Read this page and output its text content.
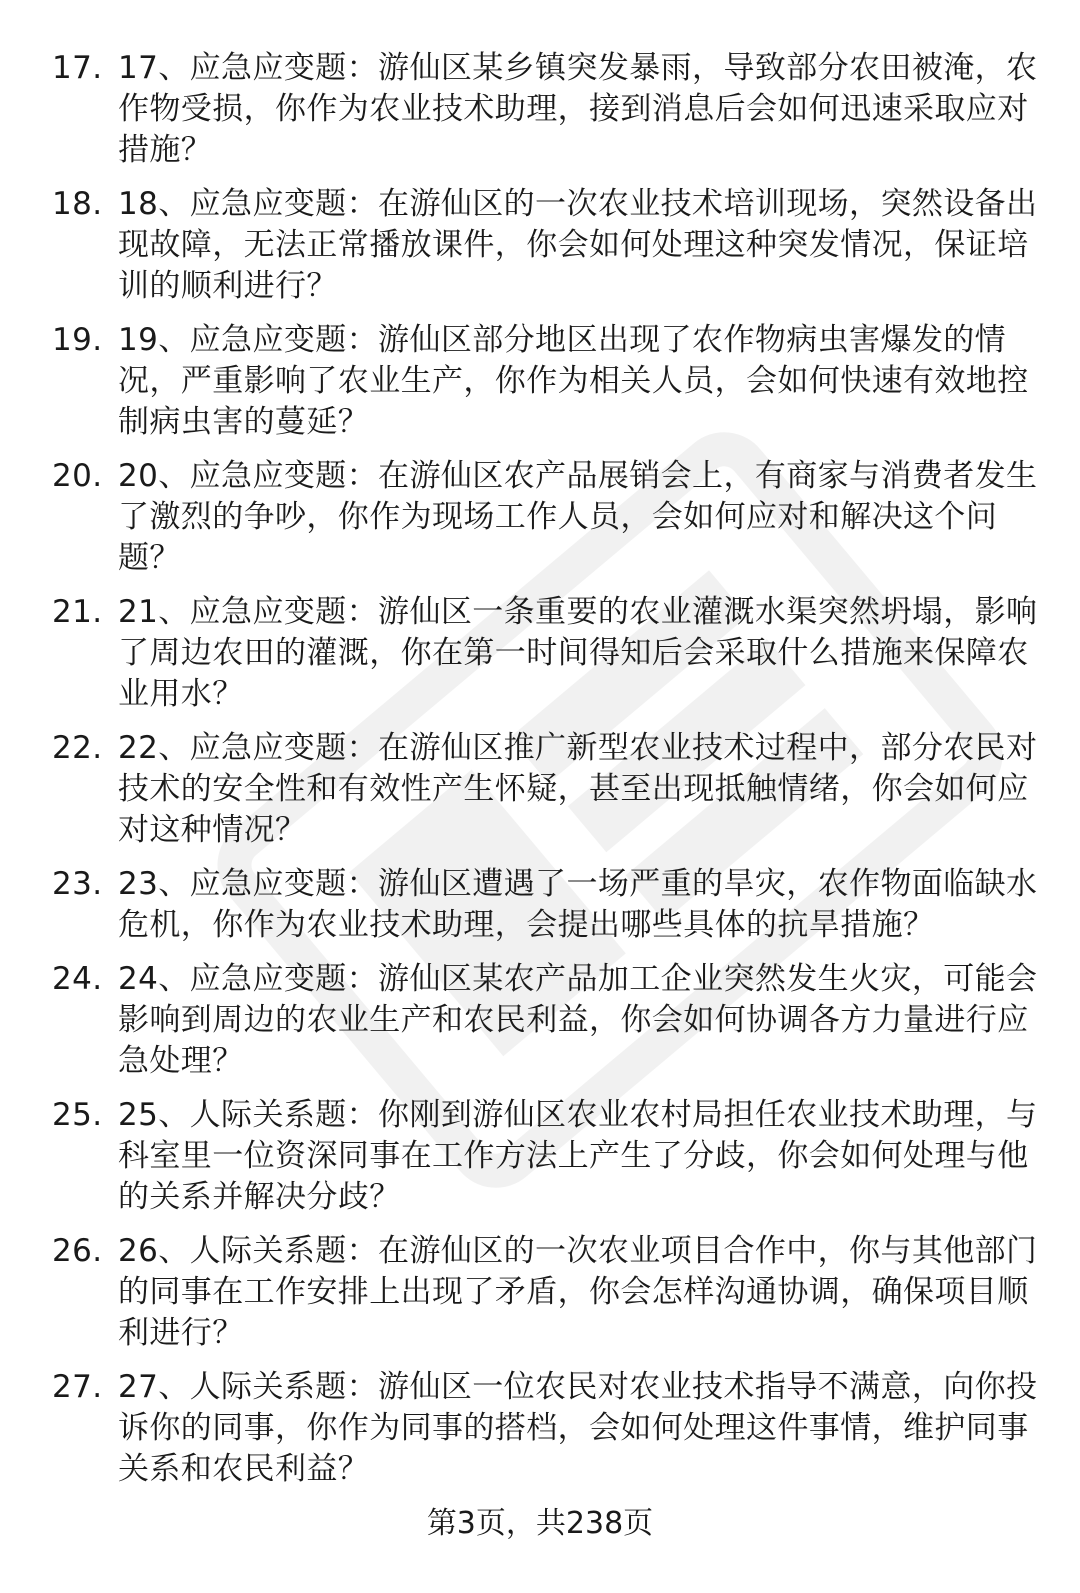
17. 17、应急应变题：游仙区某乡镇突发暴雨，导致部分农田被淹，农作物受损，你作为农业技术助理，接到消息后会如何迅速采取应对措施？
18. 18、应急应变题：在游仙区的一次农业技术培训现场，突然设备出现故障，无法正常播放课件，你会如何处理这种突发情况，保证培训的顺利进行？
19. 19、应急应变题：游仙区部分地区出现了农作物病虫害爆发的情况，严重影响了农业生产，你作为相关人员，会如何快速有效地控制病虫害的蔓延？
20. 20、应急应变题：在游仙区农产品展销会上，有商家与消费者发生了激烈的争吵，你作为现场工作人员，会如何应对和解决这个问题？
21. 21、应急应变题：游仙区一条重要的农业灌溉水渠突然坍塌，影响了周边农田的灌溉，你在第一时间得知后会采取什么措施来保障农业用水？
22. 22、应急应变题：在游仙区推广新型农业技术过程中，部分农民对技术的安全性和有效性产生怀疑，甚至出现抵触情绪，你会如何应对这种情况？
23. 23、应急应变题：游仙区遭遇了一场严重的旱灾，农作物面临缺水危机，你作为农业技术助理，会提出哪些具体的抗旱措施？
24. 24、应急应变题：游仙区某农产品加工企业突然发生火灾，可能会影响到周边的农业生产和农民利益，你会如何协调各方力量进行应急处理？
25. 25、人际关系题：你刚到游仙区农业农村局担任农业技术助理，与科室里一位资深同事在工作方法上产生了分歧，你会如何处理与他的关系并解决分歧？
26. 26、人际关系题：在游仙区的一次农业项目合作中，你与其他部门的同事在工作安排上出现了矛盾，你会怎样沟通协调，确保项目顺利进行？
27. 27、人际关系题：游仙区一位农民对农业技术指导不满意，向你投诉你的同事，你作为同事的搭档，会如何处理这件事情，维护同事关系和农民利益？
第3页，共238页
